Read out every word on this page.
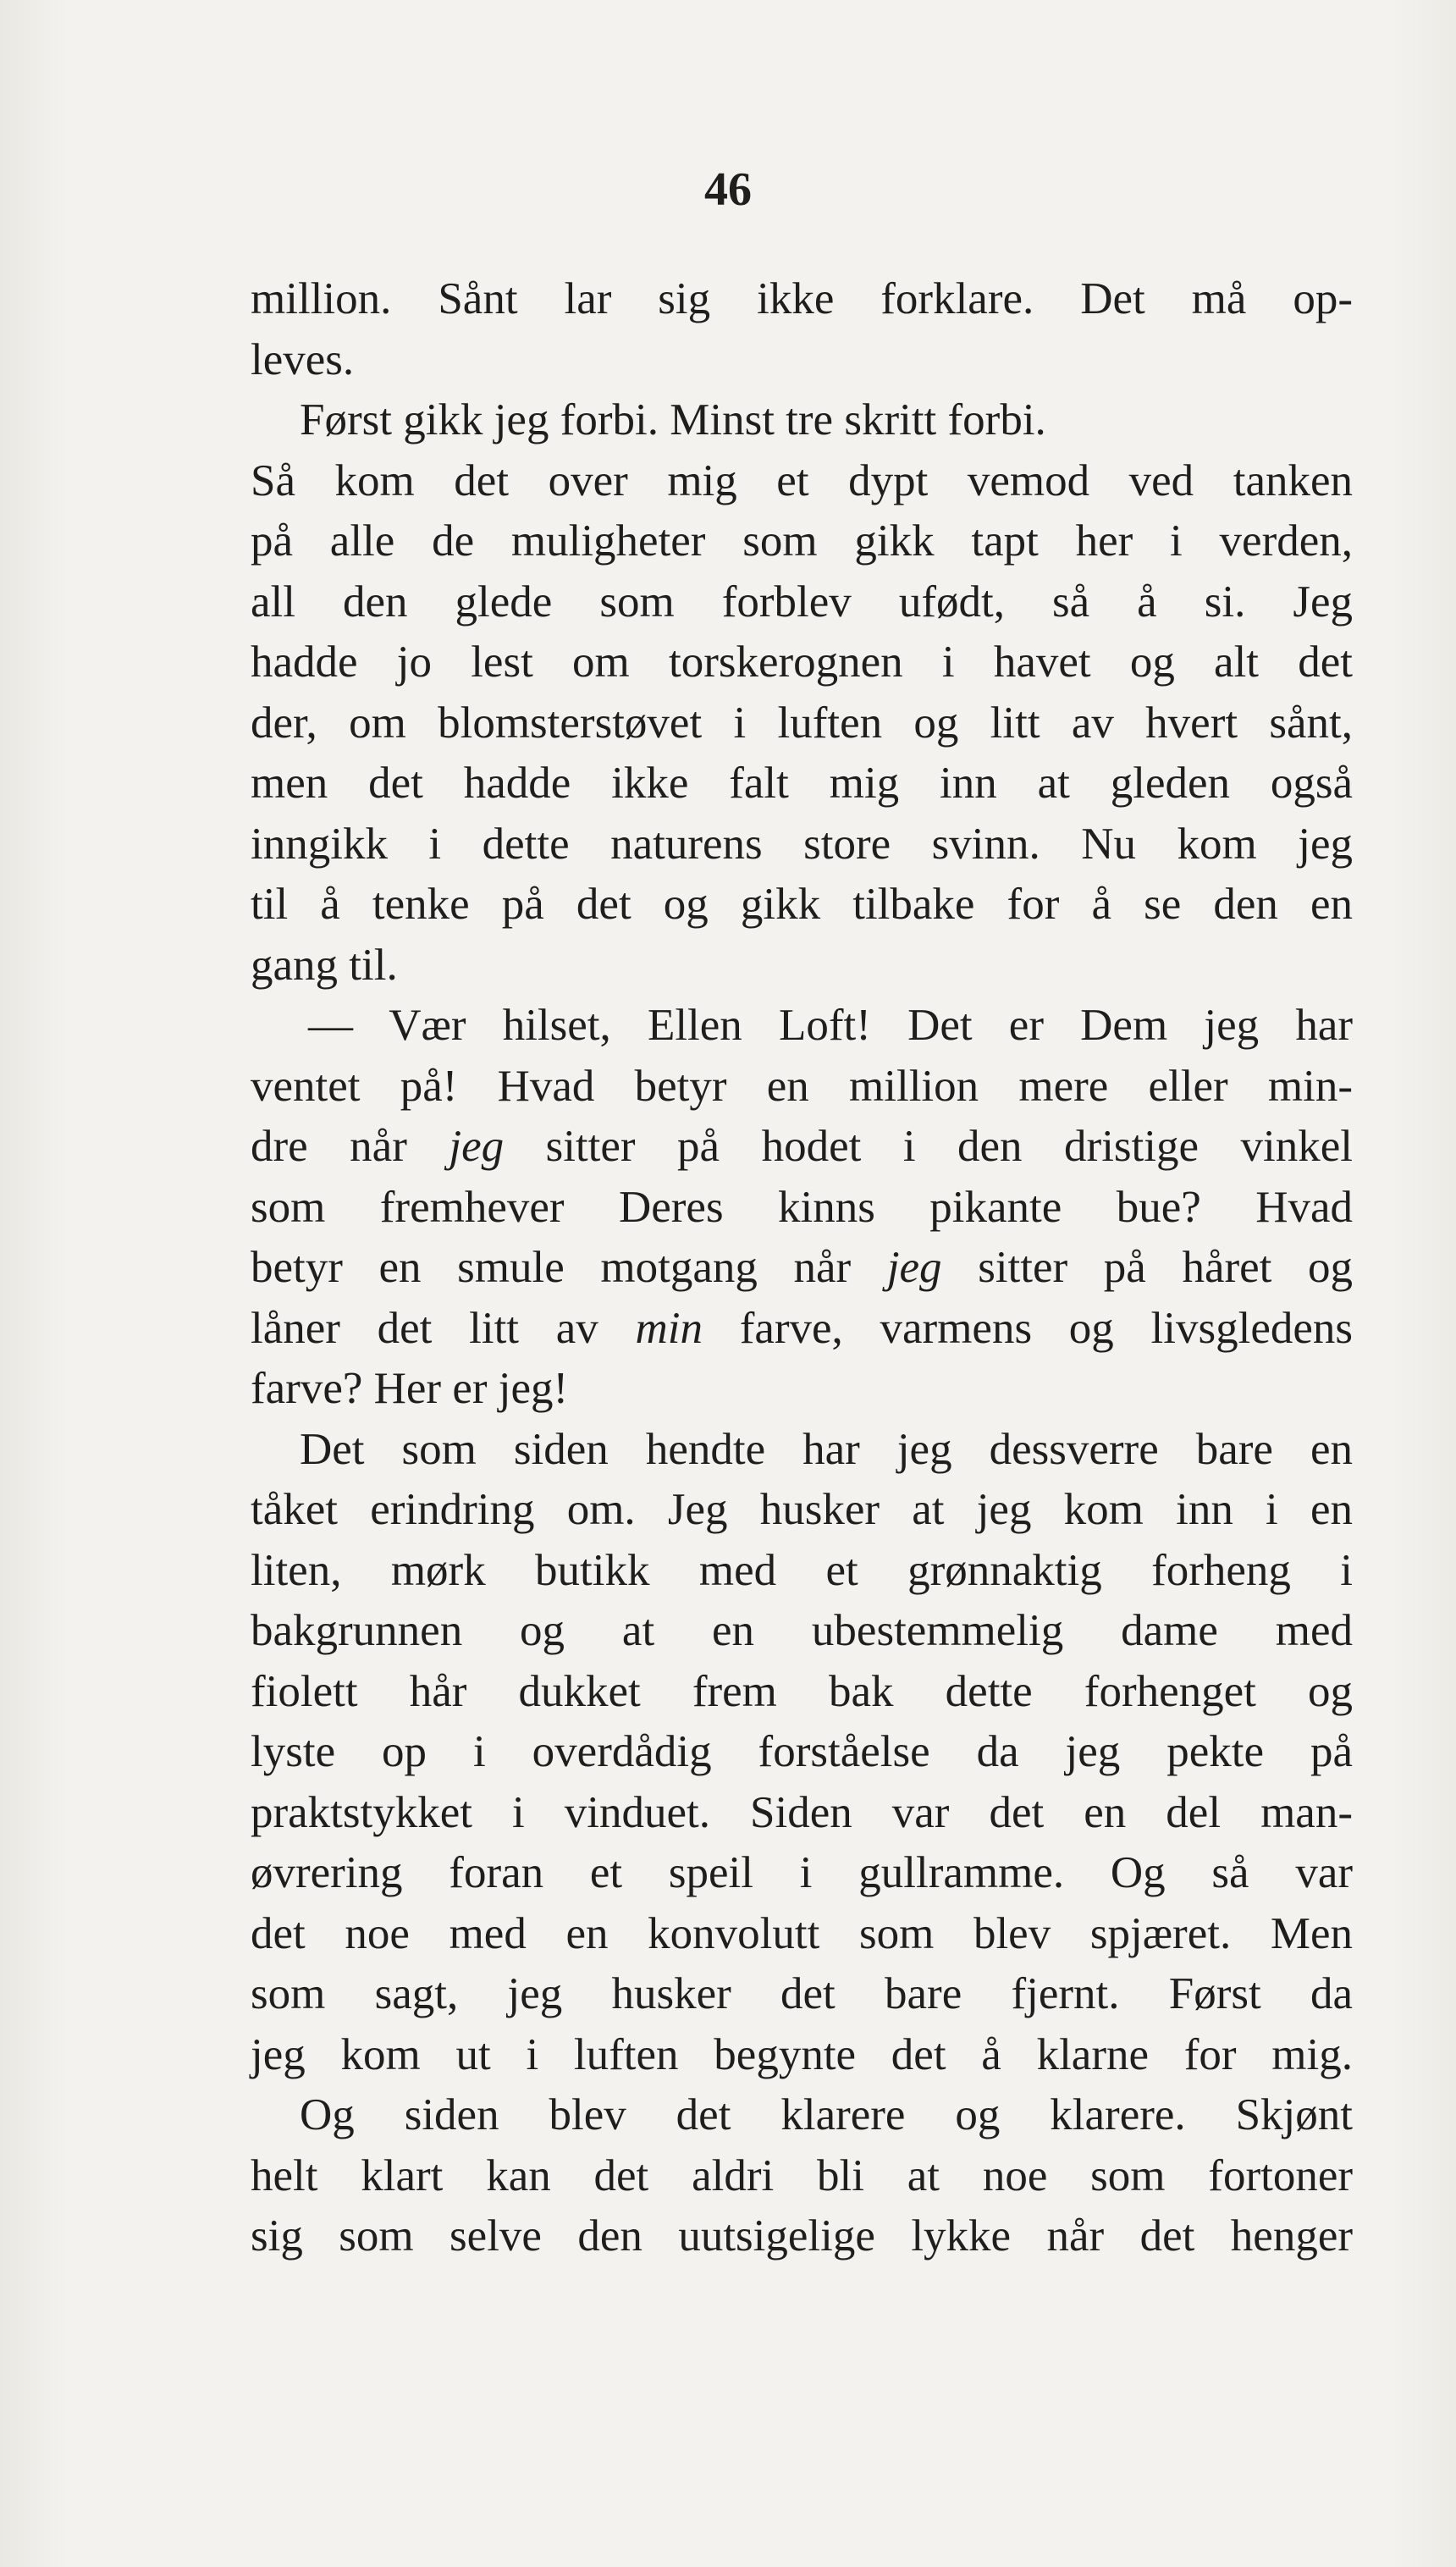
46
million. Sånt lar sig ikke forklare. Det må op-
leves.
Først gikk jeg forbi. Minst tre skritt forbi.
Så kom det over mig et dypt vemod ved tanken
på alle de muligheter som gikk tapt her i verden,
all den glede som forblev ufødt, så å si. Jeg
hadde jo lest om torskerognen i havet og alt det
der, om blomsterstøvet i luften og litt av hvert sånt,
men det hadde ikke falt mig inn at gleden også
inngikk i dette naturens store svinn. Nu kom jeg
til å tenke på det og gikk tilbake for å se den en
gang til.
— Vær hilset, Ellen Loft! Det er Dem jeg har
ventet på! Hvad betyr en million mere eller min-
dre når jeg sitter på hodet i den dristige vinkel
som fremhever Deres kinns pikante bue? Hvad
betyr en smule motgang når jeg sitter på håret og
låner det litt av min farve, varmens og livsgledens
farve? Her er jeg!
Det som siden hendte har jeg dessverre bare en
tåket erindring om. Jeg husker at jeg kom inn i en
liten, mørk butikk med et grønnaktig forheng i
bakgrunnen og at en ubestemmelig dame med
fiolett hår dukket frem bak dette forhenget og
lyste op i overdådig forståelse da jeg pekte på
praktstykket i vinduet. Siden var det en del man-
øvrering foran et speil i gullramme. Og så var
det noe med en konvolutt som blev spjæret. Men
som sagt, jeg husker det bare fjernt. Først da
jeg kom ut i luften begynte det å klarne for mig.
Og siden blev det klarere og klarere. Skjønt
helt klart kan det aldri bli at noe som fortoner
sig som selve den uutsigelige lykke når det henger
